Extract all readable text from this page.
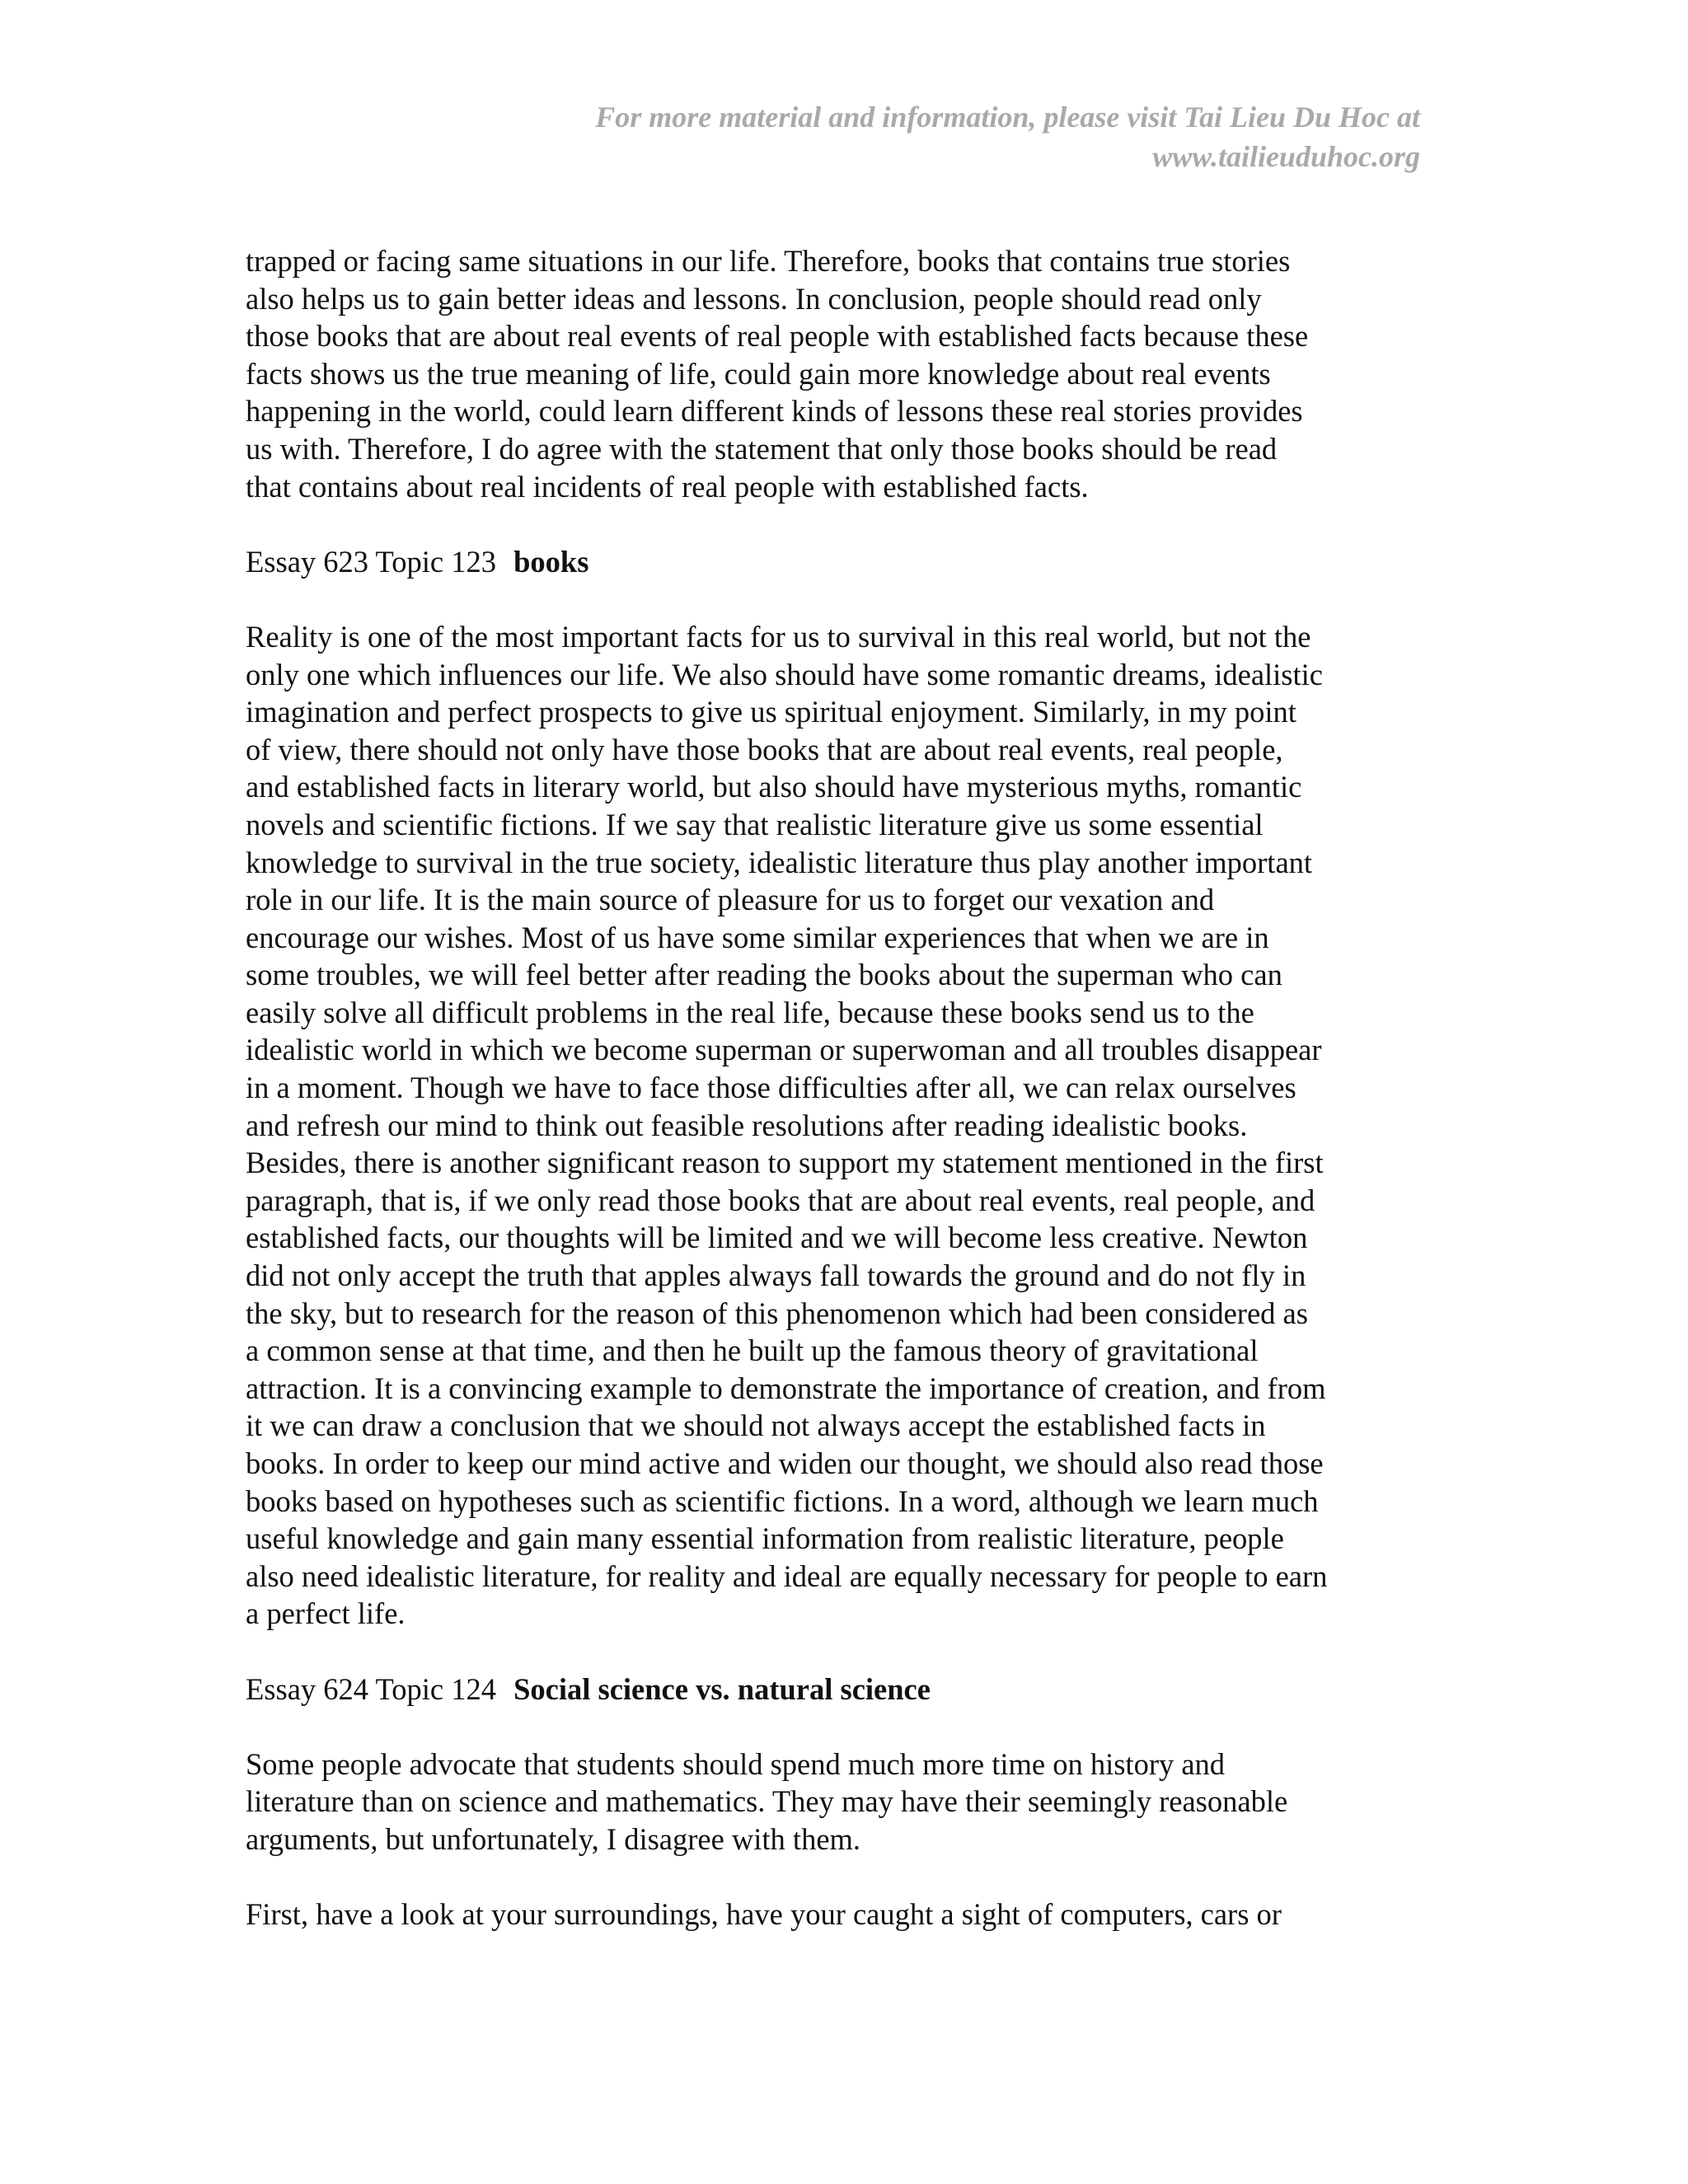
For more material and information, please visit Tai Lieu Du Hoc at
www.tailieuduhoc.org
trapped or facing same situations in our life. Therefore, books that contains true stories
also helps us to gain better ideas and lessons. In conclusion, people should read only
those books that are about real events of real people with established facts because these
facts shows us the true meaning of life, could gain more knowledge about real events
happening in the world, could learn different kinds of lessons these real stories provides
us with. Therefore, I do agree with the statement that only those books should be read
that contains about real incidents of real people with established facts.
Essay 623 Topic 123 books
Reality is one of the most important facts for us to survival in this real world, but not the
only one which influences our life. We also should have some romantic dreams, idealistic
imagination and perfect prospects to give us spiritual enjoyment. Similarly, in my point
of view, there should not only have those books that are about real events, real people,
and established facts in literary world, but also should have mysterious myths, romantic
novels and scientific fictions. If we say that realistic literature give us some essential
knowledge to survival in the true society, idealistic literature thus play another important
role in our life. It is the main source of pleasure for us to forget our vexation and
encourage our wishes. Most of us have some similar experiences that when we are in
some troubles, we will feel better after reading the books about the superman who can
easily solve all difficult problems in the real life, because these books send us to the
idealistic world in which we become superman or superwoman and all troubles disappear
in a moment. Though we have to face those difficulties after all, we can relax ourselves
and refresh our mind to think out feasible resolutions after reading idealistic books.
Besides, there is another significant reason to support my statement mentioned in the first
paragraph, that is, if we only read those books that are about real events, real people, and
established facts, our thoughts will be limited and we will become less creative. Newton
did not only accept the truth that apples always fall towards the ground and do not fly in
the sky, but to research for the reason of this phenomenon which had been considered as
a common sense at that time, and then he built up the famous theory of gravitational
attraction. It is a convincing example to demonstrate the importance of creation, and from
it we can draw a conclusion that we should not always accept the established facts in
books. In order to keep our mind active and widen our thought, we should also read those
books based on hypotheses such as scientific fictions. In a word, although we learn much
useful knowledge and gain many essential information from realistic literature, people
also need idealistic literature, for reality and ideal are equally necessary for people to earn
a perfect life.
Essay 624 Topic 124 Social science vs. natural science
Some people advocate that students should spend much more time on history and
literature than on science and mathematics. They may have their seemingly reasonable
arguments, but unfortunately, I disagree with them.
First, have a look at your surroundings, have your caught a sight of computers, cars or
